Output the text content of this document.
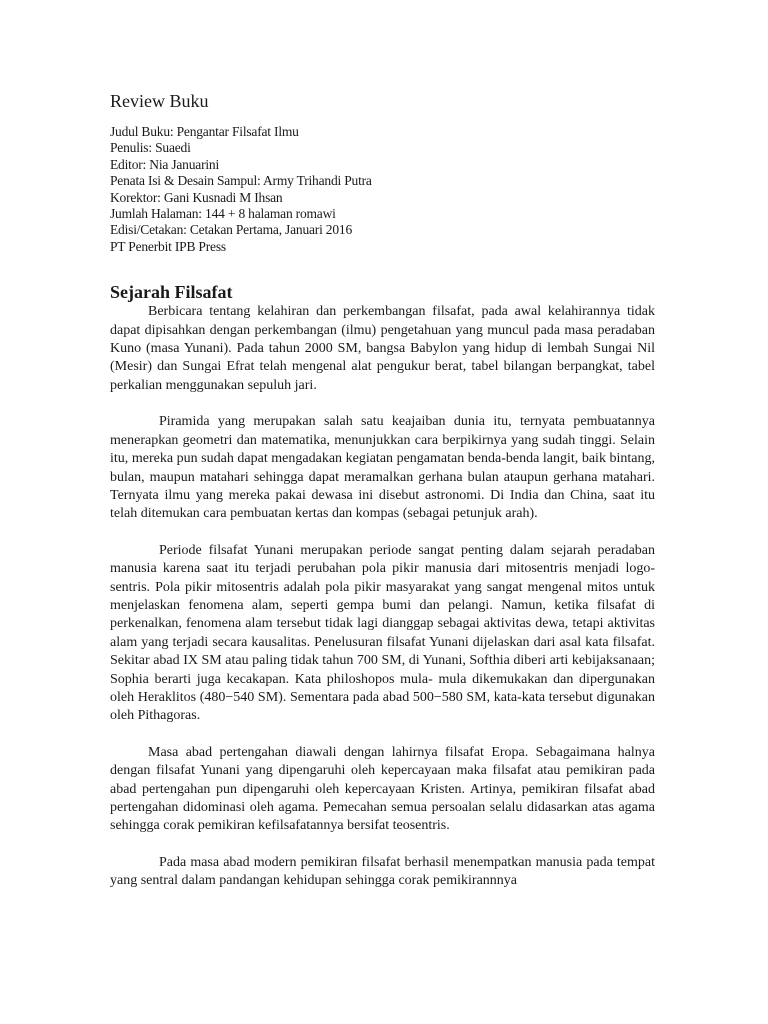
Review Buku
Judul Buku: Pengantar Filsafat Ilmu
Penulis: Suaedi
Editor: Nia Januarini
Penata Isi & Desain Sampul: Army Trihandi Putra
Korektor: Gani Kusnadi M Ihsan
Jumlah Halaman: 144 + 8 halaman romawi
Edisi/Cetakan: Cetakan Pertama, Januari 2016
PT Penerbit IPB Press
Sejarah Filsafat

Berbicara tentang kelahiran dan perkembangan filsafat, pada awal kelahirannya tidak dapat dipisahkan dengan perkembangan (ilmu) pengetahuan yang muncul pada masa peradaban Kuno (masa Yunani). Pada tahun 2000 SM, bangsa Babylon yang hidup di lembah Sungai Nil (Mesir) dan Sungai Efrat telah mengenal alat pengukur berat, tabel bilangan berpangkat, tabel perkalian menggunakan sepuluh jari.

Piramida yang merupakan salah satu keajaiban dunia itu, ternyata pembuatannya menerapkan geometri dan matematika, menunjukkan cara berpikirnya yang sudah tinggi. Selain itu, mereka pun sudah dapat mengadakan kegiatan pengamatan benda-benda langit, baik bintang, bulan, maupun matahari sehingga dapat meramalkan gerhana bulan ataupun gerhana matahari. Ternyata ilmu yang mereka pakai dewasa ini disebut astronomi. Di India dan China, saat itu telah ditemukan cara pembuatan kertas dan kompas (sebagai petunjuk arah).

Periode filsafat Yunani merupakan periode sangat penting dalam sejarah peradaban manusia karena saat itu terjadi perubahan pola pikir manusia dari mitosentris menjadi logo-sentris. Pola pikir mitosentris adalah pola pikir masyarakat yang sangat mengenal mitos untuk menjelaskan fenomena alam, seperti gempa bumi dan pelangi. Namun, ketika filsafat di perkenalkan, fenomena alam tersebut tidak lagi dianggap sebagai aktivitas dewa, tetapi aktivitas alam yang terjadi secara kausalitas. Penelusuran filsafat Yunani dijelaskan dari asal kata filsafat. Sekitar abad IX SM atau paling tidak tahun 700 SM, di Yunani, Softhia diberi arti kebijaksanaan; Sophia berarti juga kecakapan. Kata philoshopos mula- mula dikemukakan dan dipergunakan oleh Heraklitos (480−540 SM). Sementara pada abad 500−580 SM, kata-kata tersebut digunakan oleh Pithagoras.

Masa abad pertengahan diawali dengan lahirnya filsafat Eropa. Sebagaimana halnya dengan filsafat Yunani yang dipengaruhi oleh kepercayaan maka filsafat atau pemikiran pada abad pertengahan pun dipengaruhi oleh kepercayaan Kristen. Artinya, pemikiran filsafat abad pertengahan didominasi oleh agama. Pemecahan semua persoalan selalu didasarkan atas agama sehingga corak pemikiran kefilsafatannya bersifat teosentris.

Pada masa abad modern pemikiran filsafat berhasil menempatkan manusia pada tempat yang sentral dalam pandangan kehidupan sehingga corak pemikirannnya
